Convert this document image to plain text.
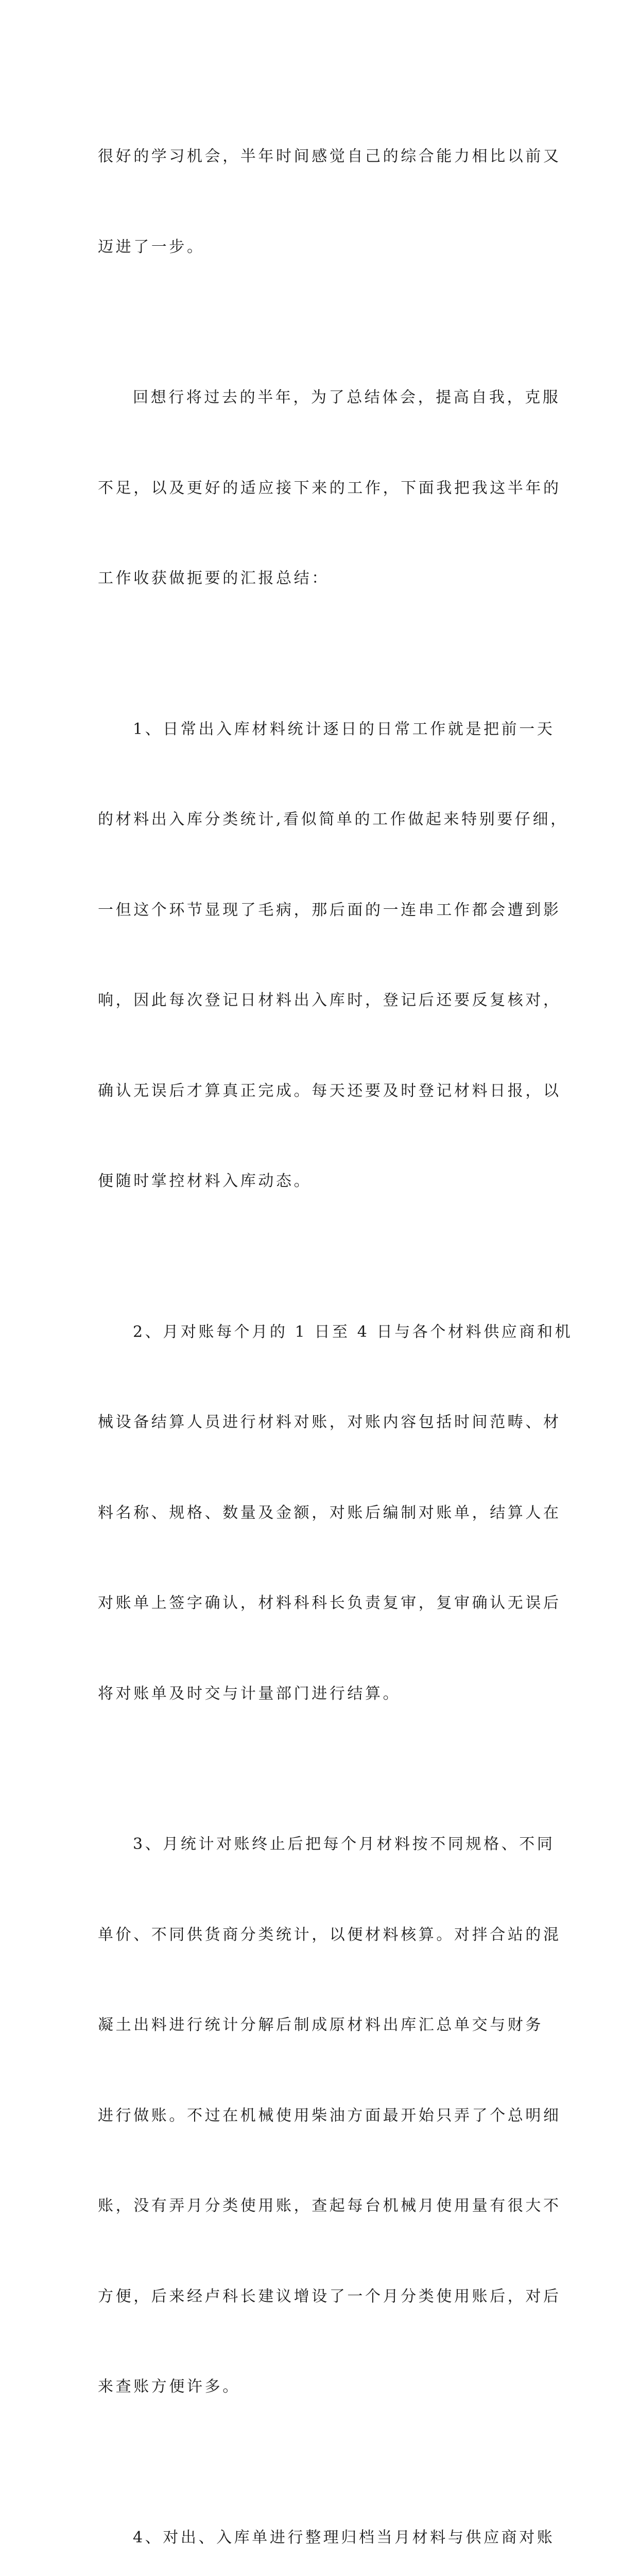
很好的学习机会，半年时间感觉自己的综合能力相比以前又

迈进了一步。

回想行将过去的半年，为了总结体会，提高自我，克服

不足，以及更好的适应接下来的工作，下面我把我这半年的

工作收获做扼要的汇报总结：

1、日常出入库材料统计逐日的日常工作就是把前一天

的材料出入库分类统计,看似简单的工作做起来特别要仔细，

一但这个环节显现了毛病，那后面的一连串工作都会遭到影

响，因此每次登记日材料出入库时，登记后还要反复核对，

确认无误后才算真正完成。每天还要及时登记材料日报，以

便随时掌控材料入库动态。

2、月对账每个月的 1 日至 4 日与各个材料供应商和机

械设备结算人员进行材料对账，对账内容包括时间范畴、材

料名称、规格、数量及金额，对账后编制对账单，结算人在

对账单上签字确认，材料科科长负责复审，复审确认无误后

将对账单及时交与计量部门进行结算。

3、月统计对账终止后把每个月材料按不同规格、不同

单价、不同供货商分类统计，以便材料核算。对拌合站的混

凝土出料进行统计分解后制成原材料出库汇总单交与财务

进行做账。不过在机械使用柴油方面最开始只弄了个总明细

账，没有弄月分类使用账，查起每台机械月使用量有很大不

方便，后来经卢科长建议增设了一个月分类使用账后，对后

来查账方便许多。

4、对出、入库单进行整理归档当月材料与供应商对账
